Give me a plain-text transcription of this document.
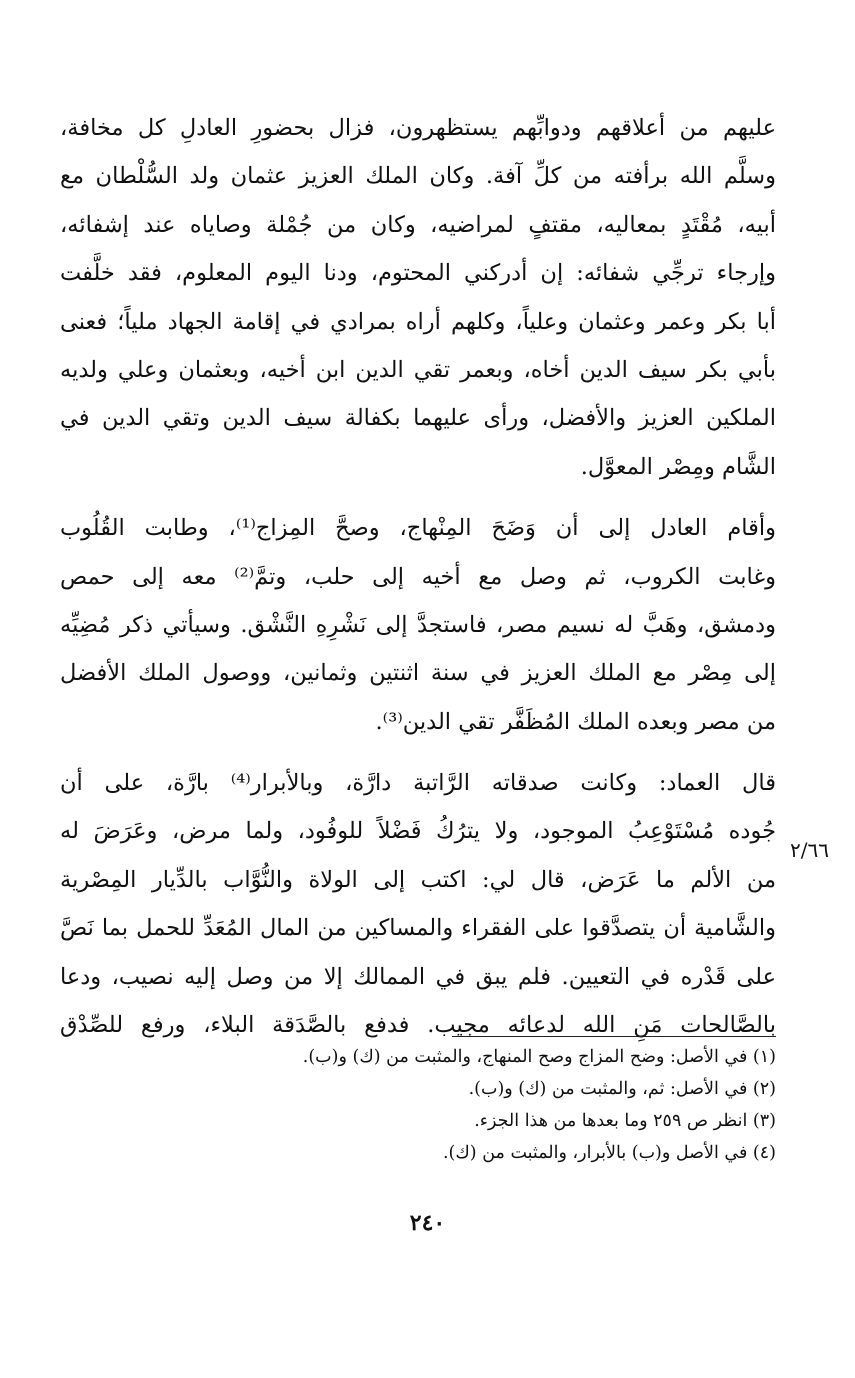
عليهم من أعلاقهم ودوابِّهم يستظهرون، فزال بحضورِ العادلِ كل مخافة،
وسلَّم الله برأفته من كلِّ آفة. وكان الملك العزيز عثمان ولد السُّلْطان مع
أبيه، مُقْتَدٍ بمعاليه، مقتفٍ لمراضيه، وكان من جُمْلة وصاياه عند إشفائه،
وإرجاء ترجِّي شفائه: إن أدركني المحتوم، ودنا اليوم المعلوم، فقد خلَّفت
أبا بكر وعمر وعثمان وعلياً، وكلهم أراه بمرادي في إقامة الجهاد ملياً؛ فعنى
بأبي بكر سيف الدين أخاه، وبعمر تقي الدين ابن أخيه، وبعثمان وعلي ولديه
الملكين العزيز والأفضل، ورأى عليهما بكفالة سيف الدين وتقي الدين في
الشَّام ومِصْر المعوَّل.
وأقام العادل إلى أن وَضَحَ المِنْهاج، وصحَّ المِزاج⁽¹⁾، وطابت القُلُوب
وغابت الكروب، ثم وصل مع أخيه إلى حلب، وتمَّ⁽²⁾ معه إلى حمص
ودمشق، وهَبَّ له نسيم مصر، فاستجدَّ إلى نَشْرِهِ النَّشْق. وسيأتي ذكر مُضِيِّه
إلى مِصْر مع الملك العزيز في سنة اثنتين وثمانين، ووصول الملك الأفضل
من مصر وبعده الملك المُظَفَّر تقي الدين⁽³⁾.
قال العماد: وكانت صدقاته الرَّاتبة دارَّة، وبالأبرار⁽⁴⁾ بارَّة، على أن
جُوده مُسْتَوْعِبُ الموجود، ولا يترُكُ فَضْلاً للوفُود، ولما مرض، وعَرَضَ له
من الألم ما عَرَض، قال لي: اكتب إلى الولاة والنُّوَّاب بالدِّيار المِصْرية
والشَّامية أن يتصدَّقوا على الفقراء والمساكين من المال المُعَدِّ للحمل بما نَصَّ
على قَدْره في التعيين. فلم يبق في الممالك إلا من وصل إليه نصيب، ودعا
بالصَّالحات مَنِ الله لدعائه مجيب. فدفع بالصَّدَقة البلاء، ورفع للصِّدْق
٢/٦٦
(١) في الأصل: وضح المزاج وصح المنهاج، والمثبت من (ك) و(ب).
(٢) في الأصل: ثم، والمثبت من (ك) و(ب).
(٣) انظر ص ٢٥٩ وما بعدها من هذا الجزء.
(٤) في الأصل و(ب) بالأبرار، والمثبت من (ك).
٢٤٠
